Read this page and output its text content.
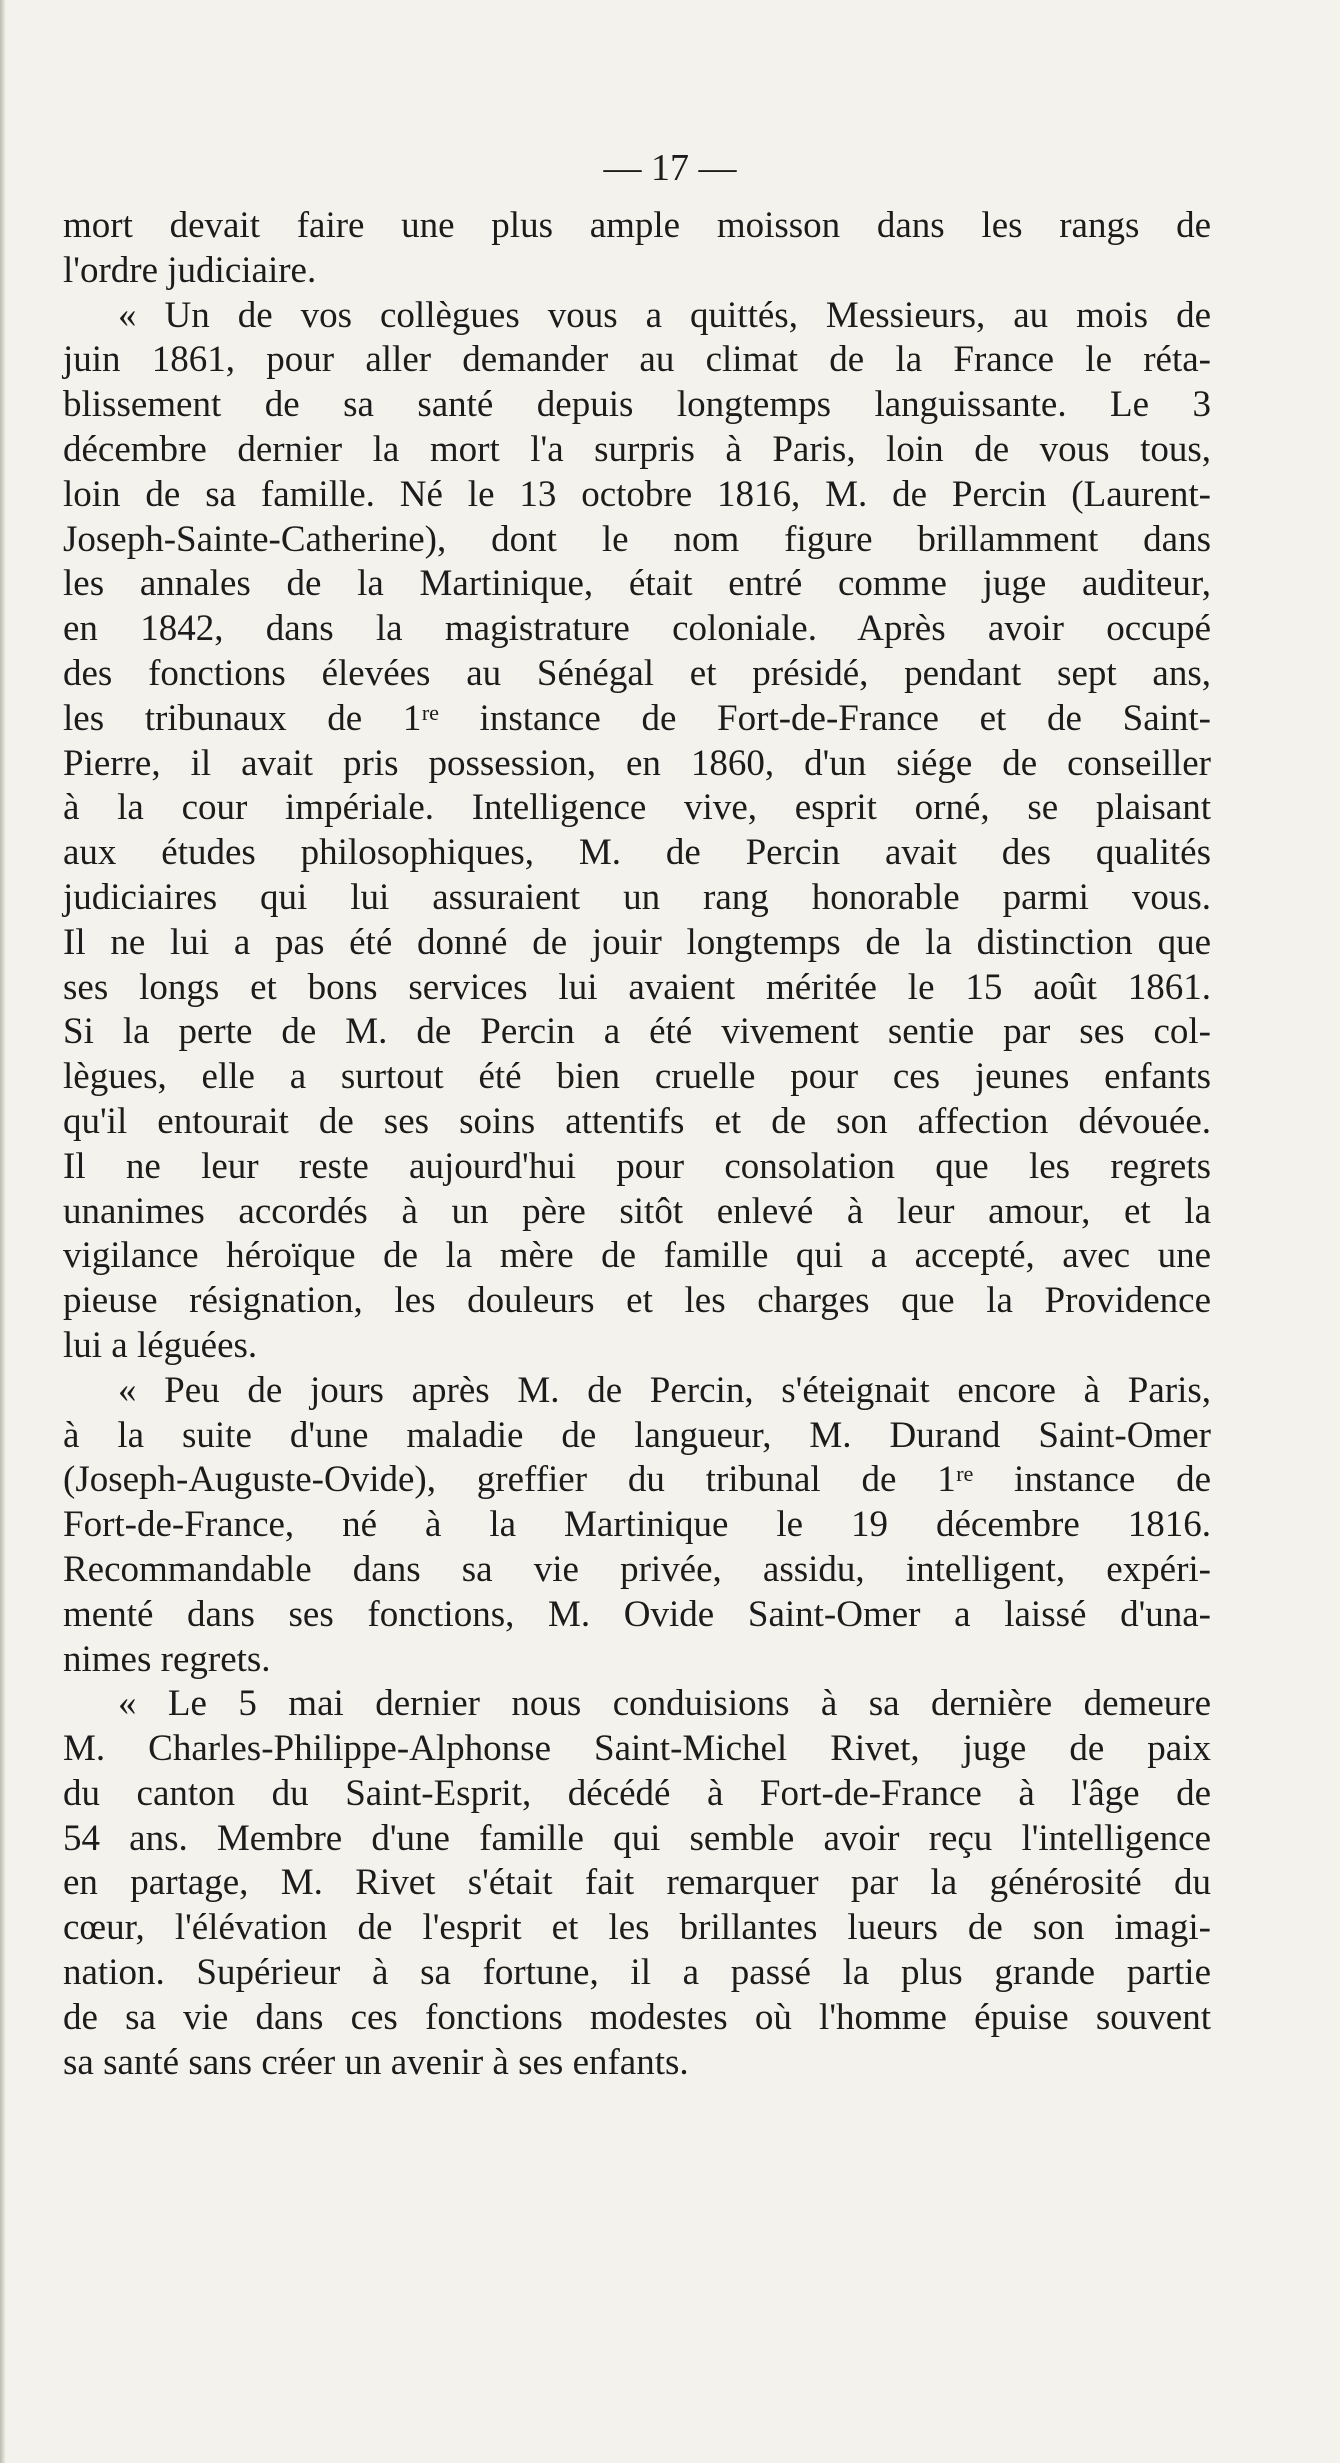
— 17 —
mort devait faire une plus ample moisson dans les rangs de
l'ordre judiciaire.
« Un de vos collègues vous a quittés, Messieurs, au mois de
juin 1861, pour aller demander au climat de la France le réta-
blissement de sa santé depuis longtemps languissante. Le 3
décembre dernier la mort l'a surpris à Paris, loin de vous tous,
loin de sa famille. Né le 13 octobre 1816, M. de Percin (Laurent-
Joseph-Sainte-Catherine), dont le nom figure brillamment dans
les annales de la Martinique, était entré comme juge auditeur,
en 1842, dans la magistrature coloniale. Après avoir occupé
des fonctions élevées au Sénégal et présidé, pendant sept ans,
les tribunaux de 1ʳᵉ instance de Fort-de-France et de Saint-
Pierre, il avait pris possession, en 1860, d'un siége de conseiller
à la cour impériale. Intelligence vive, esprit orné, se plaisant
aux études philosophiques, M. de Percin avait des qualités
judiciaires qui lui assuraient un rang honorable parmi vous.
Il ne lui a pas été donné de jouir longtemps de la distinction que
ses longs et bons services lui avaient méritée le 15 août 1861.
Si la perte de M. de Percin a été vivement sentie par ses col-
lègues, elle a surtout été bien cruelle pour ces jeunes enfants
qu'il entourait de ses soins attentifs et de son affection dévouée.
Il ne leur reste aujourd'hui pour consolation que les regrets
unanimes accordés à un père sitôt enlevé à leur amour, et la
vigilance héroïque de la mère de famille qui a accepté, avec une
pieuse résignation, les douleurs et les charges que la Providence
lui a léguées.
« Peu de jours après M. de Percin, s'éteignait encore à Paris,
à la suite d'une maladie de langueur, M. Durand Saint-Omer
(Joseph-Auguste-Ovide), greffier du tribunal de 1ʳᵉ instance de
Fort-de-France, né à la Martinique le 19 décembre 1816.
Recommandable dans sa vie privée, assidu, intelligent, expéri-
menté dans ses fonctions, M. Ovide Saint-Omer a laissé d'una-
nimes regrets.
« Le 5 mai dernier nous conduisions à sa dernière demeure
M. Charles-Philippe-Alphonse Saint-Michel Rivet, juge de paix
du canton du Saint-Esprit, décédé à Fort-de-France à l'âge de
54 ans. Membre d'une famille qui semble avoir reçu l'intelligence
en partage, M. Rivet s'était fait remarquer par la générosité du
cœur, l'élévation de l'esprit et les brillantes lueurs de son imagi-
nation. Supérieur à sa fortune, il a passé la plus grande partie
de sa vie dans ces fonctions modestes où l'homme épuise souvent
sa santé sans créer un avenir à ses enfants.
